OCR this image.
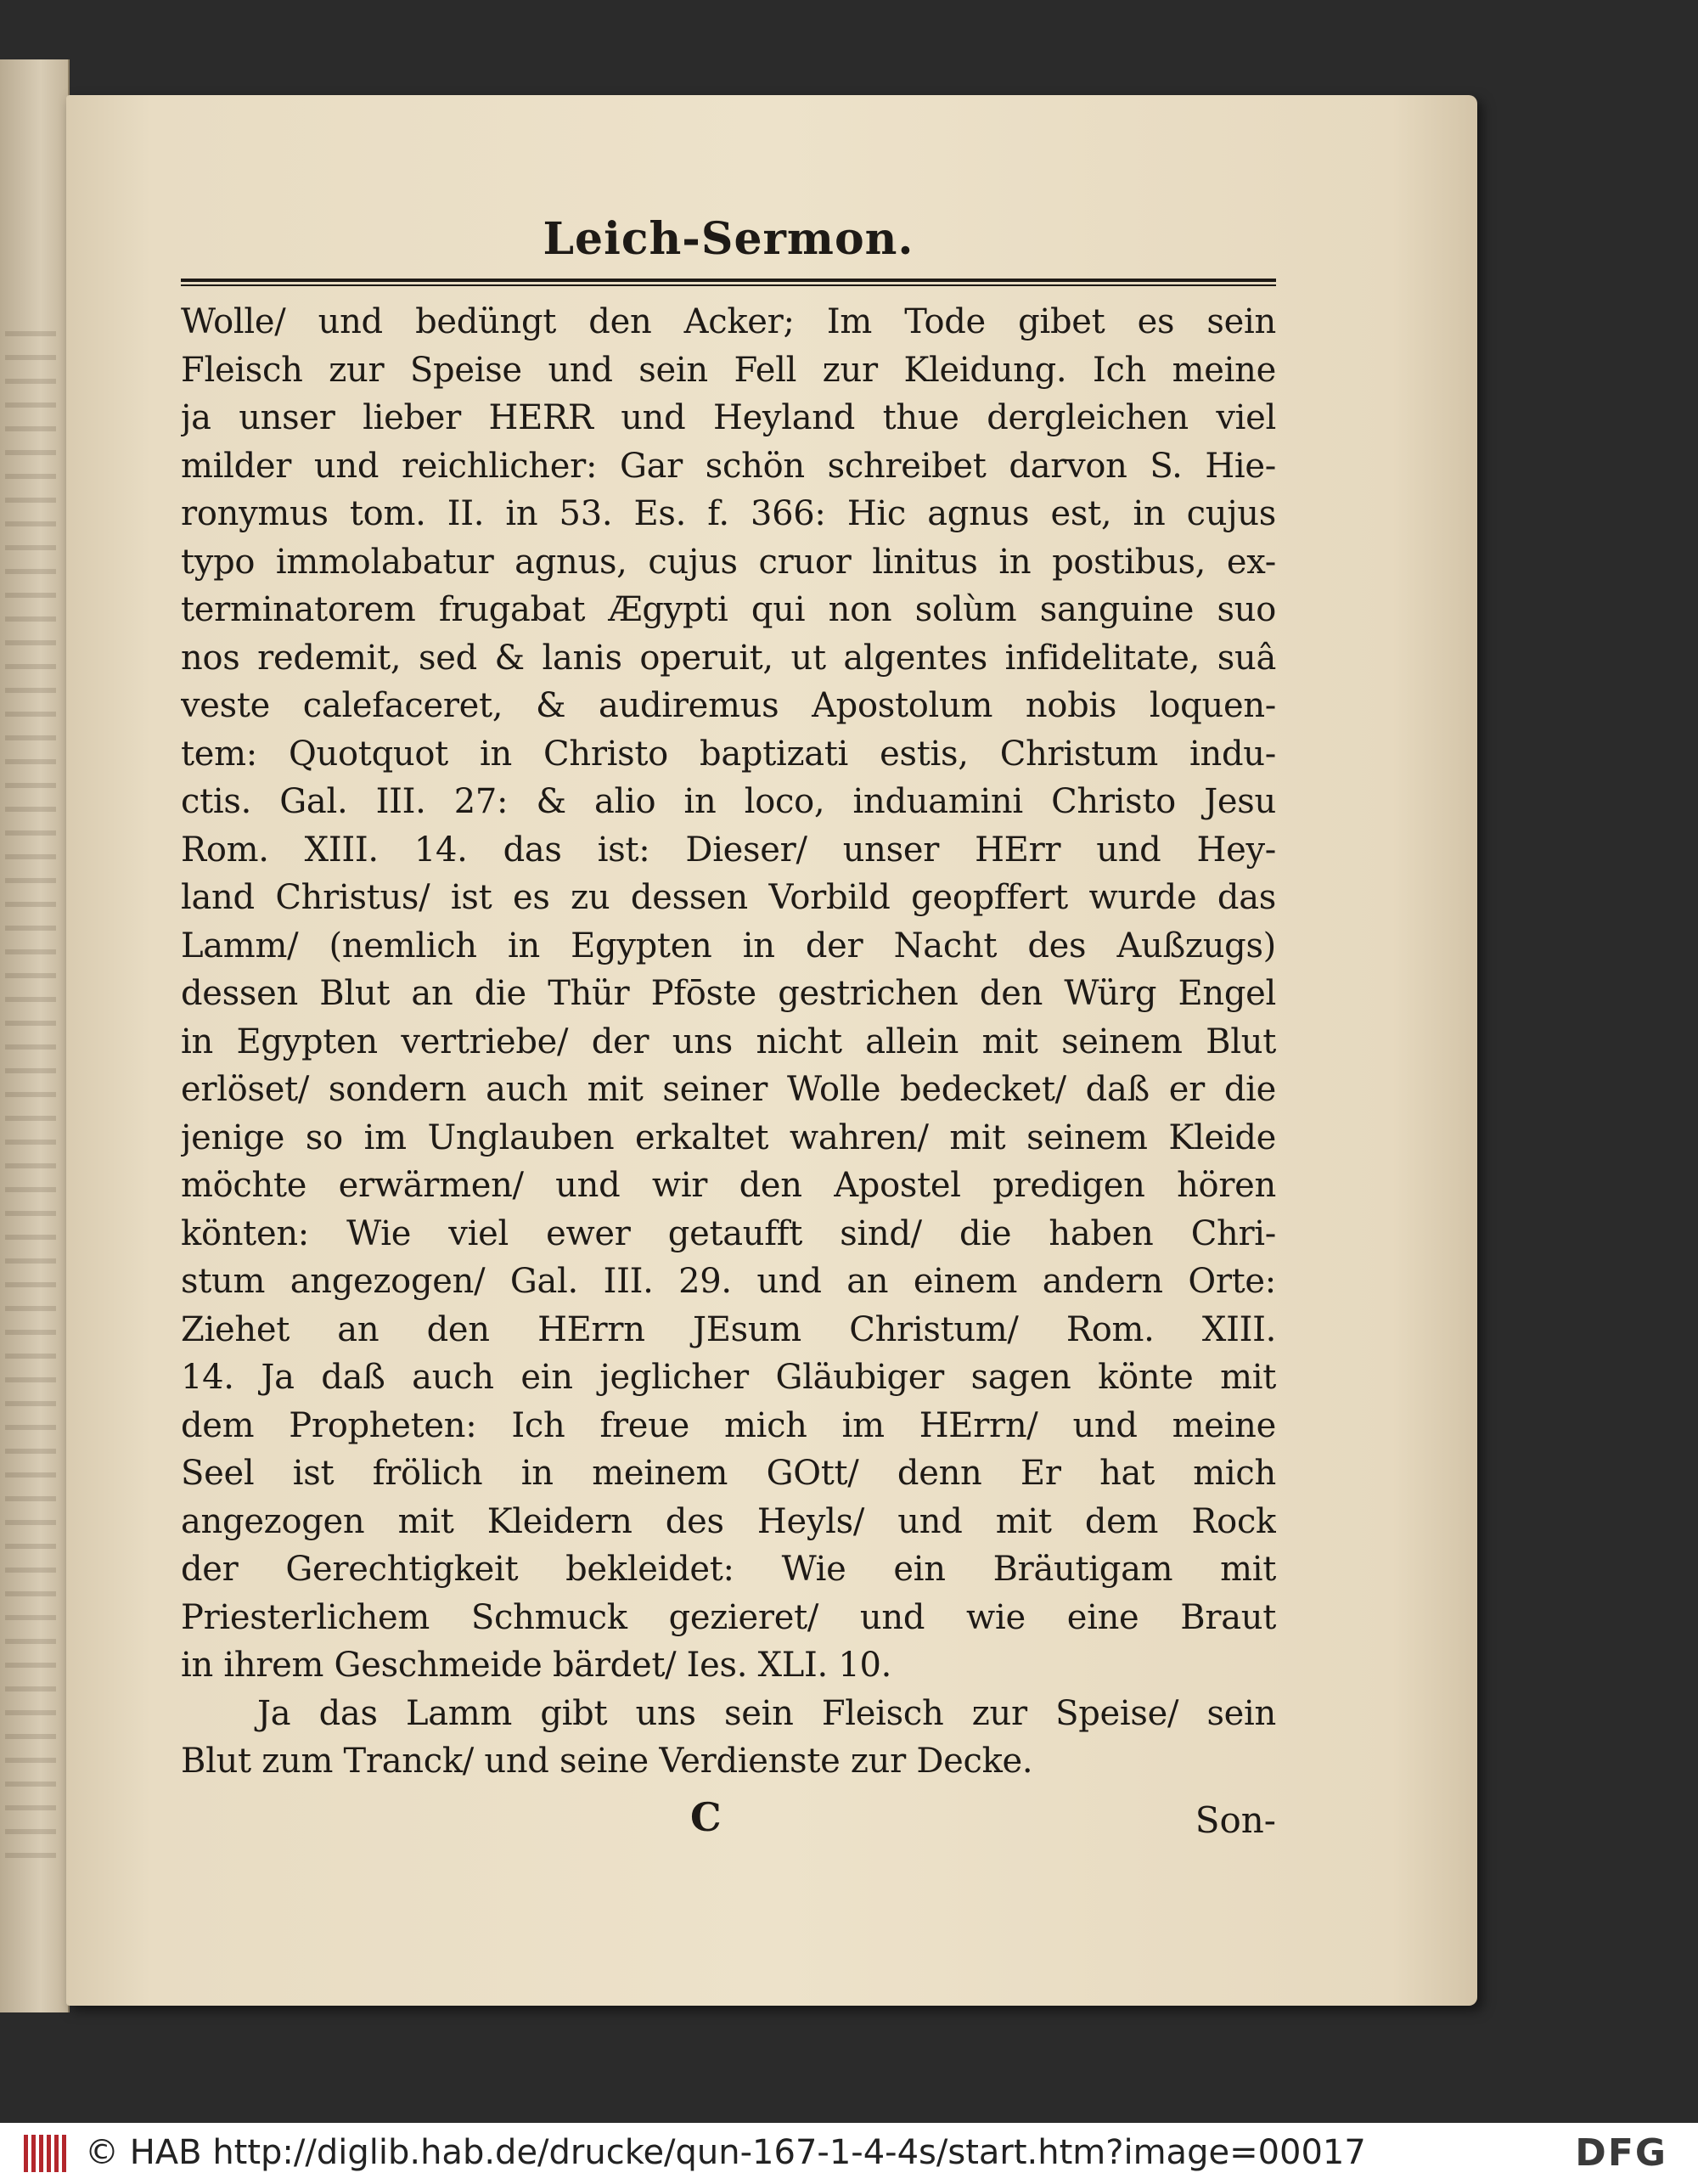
Leich-Sermon.
Wolle/ und bedüngt den Acker; Im Tode gibet es sein
Fleisch zur Speise und sein Fell zur Kleidung. Ich meine
ja unser lieber HERR und Heyland thue dergleichen viel
milder und reichlicher: Gar schön schreibet darvon S. Hie-
ronymus tom. II. in 53. Es. f. 366: Hic agnus est, in cujus
typo immolabatur agnus, cujus cruor linitus in postibus, ex-
terminatorem frugabat Ægypti qui non solùm sanguine suo
nos redemit, sed & lanis operuit, ut algentes infidelitate, suâ
veste calefaceret, & audiremus Apostolum nobis loquen-
tem: Quotquot in Christo baptizati estis, Christum indu-
ctis. Gal. III. 27: & alio in loco, induamini Christo Jesu
Rom. XIII. 14. das ist: Dieser/ unser HErr und Hey-
land Christus/ ist es zu dessen Vorbild geopffert wurde das
Lamm/ (nemlich in Egypten in der Nacht des Außzugs)
dessen Blut an die Thür Pfōste gestrichen den Würg Engel
in Egypten vertriebe/ der uns nicht allein mit seinem Blut
erlöset/ sondern auch mit seiner Wolle bedecket/ daß er die
jenige so im Unglauben erkaltet wahren/ mit seinem Kleide
möchte erwärmen/ und wir den Apostel predigen hören
könten: Wie viel ewer getaufft sind/ die haben Chri-
stum angezogen/ Gal. III. 29. und an einem andern Orte:
Ziehet an den HErrn JEsum Christum/ Rom. XIII.
14. Ja daß auch ein jeglicher Gläubiger sagen könte mit
dem Propheten: Ich freue mich im HErrn/ und meine
Seel ist frölich in meinem GOtt/ denn Er hat mich
angezogen mit Kleidern des Heyls/ und mit dem Rock
der Gerechtigkeit bekleidet: Wie ein Bräutigam mit
Priesterlichem Schmuck gezieret/ und wie eine Braut
in ihrem Geschmeide bärdet/ Ies. XLI. 10.
Ja das Lamm gibt uns sein Fleisch zur Speise/ sein
Blut zum Tranck/ und seine Verdienste zur Decke.
C	Son-
© HAB http://diglib.hab.de/drucke/qun-167-1-4-4s/start.htm?image=00017	DFG
